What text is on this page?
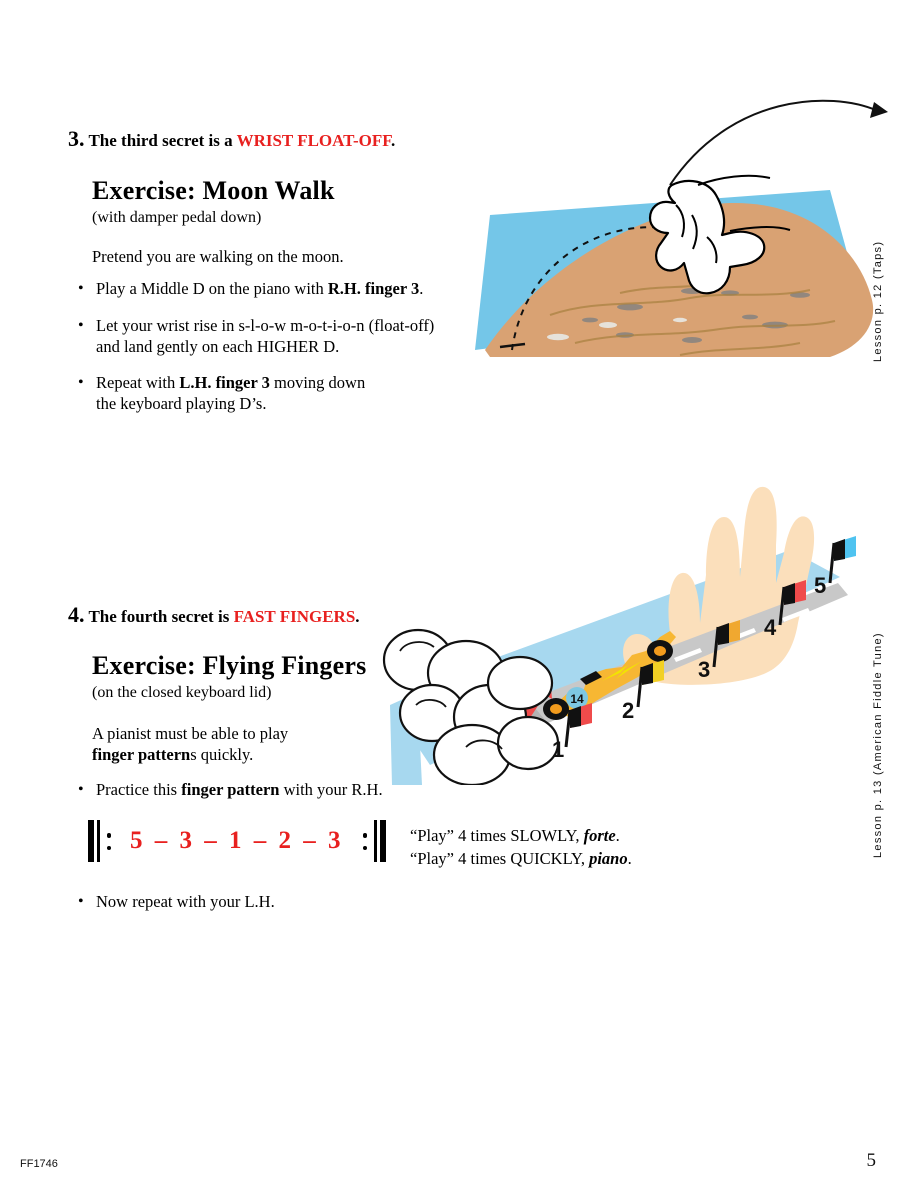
3. The third secret is a WRIST FLOAT-OFF.
Exercise: Moon Walk
(with damper pedal down)
Pretend you are walking on the moon.
• Play a Middle D on the piano with R.H. finger 3.
• Let your wrist rise in s-l-o-w m-o-t-i-o-n (float-off)
and land gently on each HIGHER D.
• Repeat with L.H. finger 3 moving down
the keyboard playing D’s.
14
1
2
3
4
5
4. The fourth secret is FAST FINGERS.
Exercise: Flying Fingers
(on the closed keyboard lid)
A pianist must be able to play
finger patterns quickly.
• Practice this finger pattern with your R.H.
5 – 3 – 1 – 2 – 3	“Play” 4 times SLOWLY, forte.
“Play” 4 times QUICKLY, piano.
• Now repeat with your L.H.
Lesson p. 12 (Taps)
Lesson p. 13 (American Fiddle Tune)
FF1746	5
